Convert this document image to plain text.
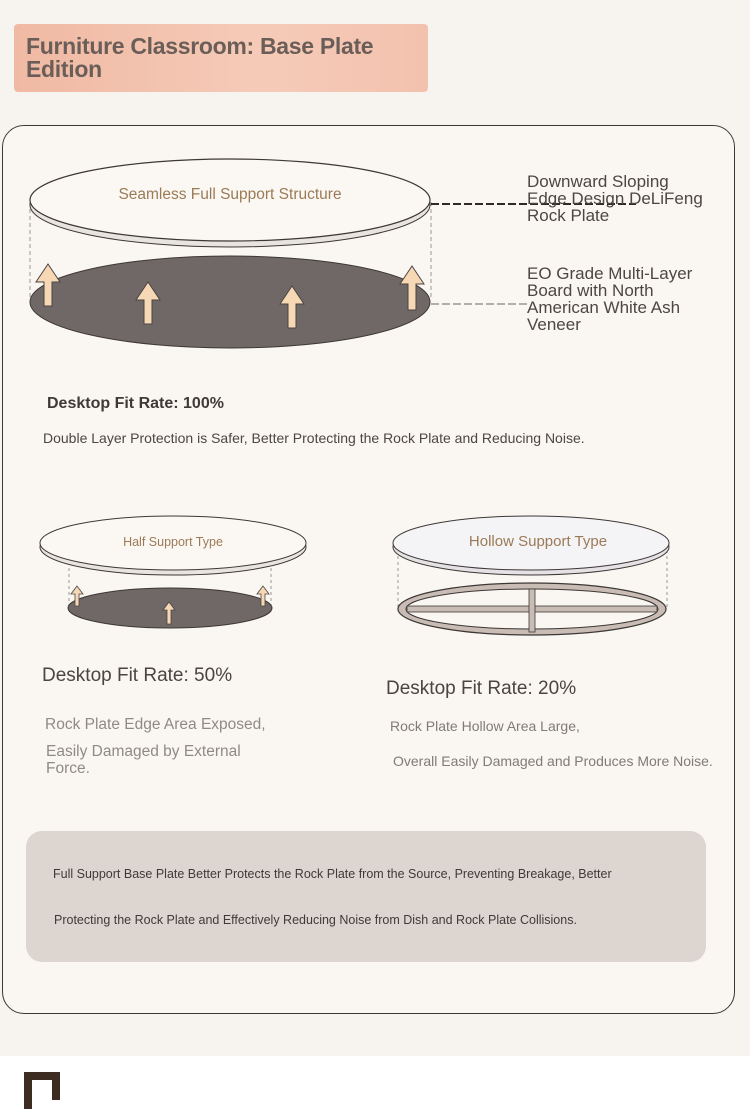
Furniture Classroom: Base Plate Edition
Seamless Full Support Structure
Downward Sloping Edge Design DeLiFeng Rock Plate
EO Grade Multi-Layer Board with North American White Ash Veneer
Desktop Fit Rate: 100%
Double Layer Protection is Safer, Better Protecting the Rock Plate and Reducing Noise.
Half Support Type
Desktop Fit Rate: 50%
Rock Plate Edge Area Exposed,
Easily Damaged by External Force.
Hollow Support Type
Desktop Fit Rate: 20%
Rock Plate Hollow Area Large,
Overall Easily Damaged and Produces More Noise.
Full Support Base Plate Better Protects the Rock Plate from the Source, Preventing Breakage, Better
Protecting the Rock Plate and Effectively Reducing Noise from Dish and Rock Plate Collisions.
